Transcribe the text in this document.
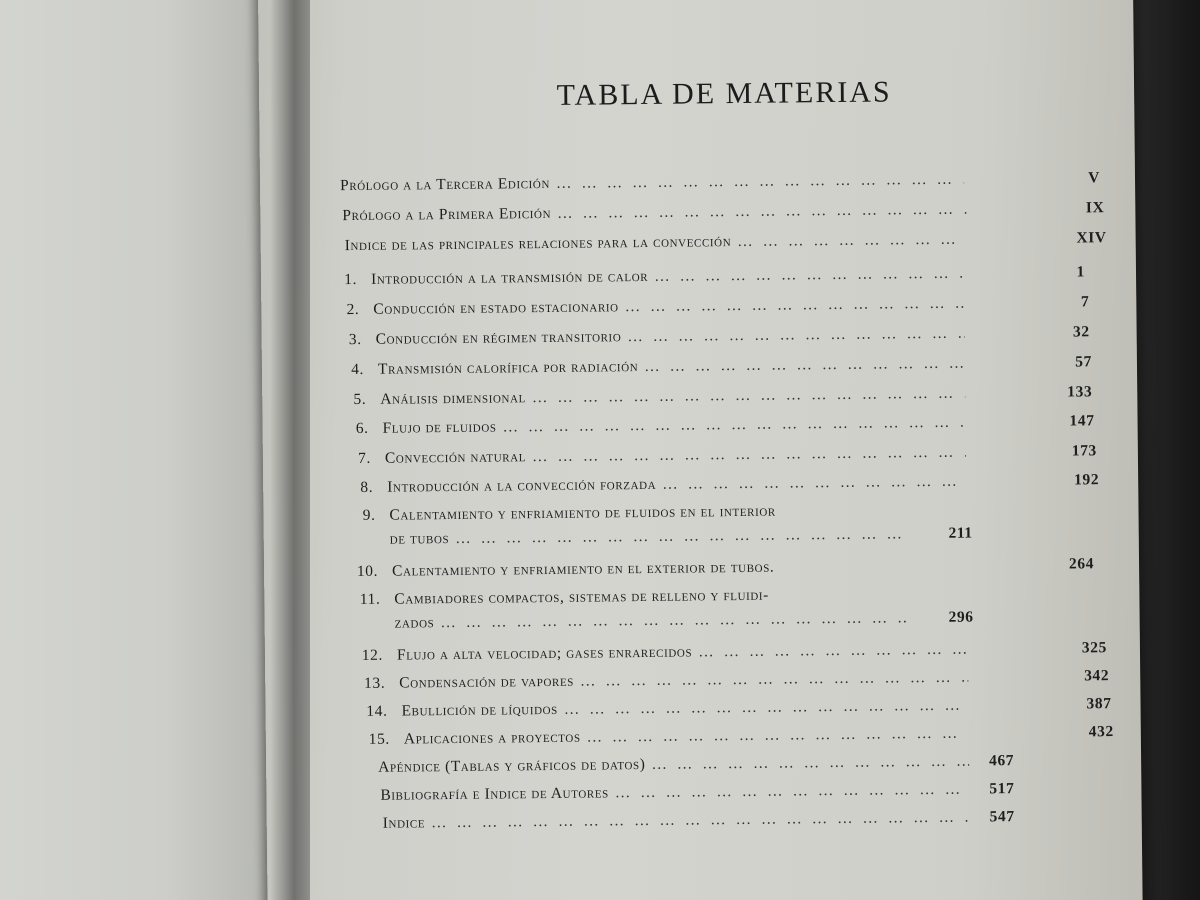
TABLA DE MATERIAS
Prólogo a la Tercera Edición … … … … … … … … … … … … … … … … … … … … … … … … … … … … … …	V
Prólogo a la Primera Edición … … … … … … … … … … … … … … … … … … … … … … … … … … … … … …	IX
Indice de las principales relaciones para la convección … … … … … … … … … … … … … … … … … … … … … … … … … … … … … …	XIV
1. Introducción a la transmisión de calor … … … … … … … … … … … … … … … … … … … … … … … … … … … … … …	1
2. Conducción en estado estacionario … … … … … … … … … … … … … … … … … … … … … … … … … … … … … …	7
3. Conducción en régimen transitorio … … … … … … … … … … … … … … … … … … … … … … … … … … … … … …	32
4. Transmisión calorífica por radiación … … … … … … … … … … … … … … … … … … … … … … … … … … … … … …	57
5. Análisis dimensional … … … … … … … … … … … … … … … … … … … … … … … … … … … … … …	133
6. Flujo de fluidos … … … … … … … … … … … … … … … … … … … … … … … … … … … … … …	147
7. Convección natural … … … … … … … … … … … … … … … … … … … … … … … … … … … … … …	173
8. Introducción a la convección forzada … … … … … … … … … … … … … … … … … … … … … … … … … … … … … …	192
9. Calentamiento y enfriamiento de fluidos en el interior
de tubos … … … … … … … … … … … … … … … … … … … … … … … … … … … … … …	211
10. Calentamiento y enfriamiento en el exterior de tubos.	264
11. Cambiadores compactos, sistemas de relleno y fluidi-
zados … … … … … … … … … … … … … … … … … … … … … … … … … … … … … …	296
12. Flujo a alta velocidad; gases enrarecidos … … … … … … … … … … … … … … … … … … … … … … … … … … … … … …	325
13. Condensación de vapores … … … … … … … … … … … … … … … … … … … … … … … … … … … … … …	342
14. Ebullición de líquidos … … … … … … … … … … … … … … … … … … … … … … … … … … … … … …	387
15. Aplicaciones a proyectos … … … … … … … … … … … … … … … … … … … … … … … … … … … … … …	432
Apéndice (Tablas y gráficos de datos) … … … … … … … … … … … … … … … … … … … … … … … … … … … … … …	467
Bibliografía e Indice de Autores … … … … … … … … … … … … … … … … … … … … … … … … … … … … … …	517
Indice … … … … … … … … … … … … … … … … … … … … … … … … … … … … … …	547
